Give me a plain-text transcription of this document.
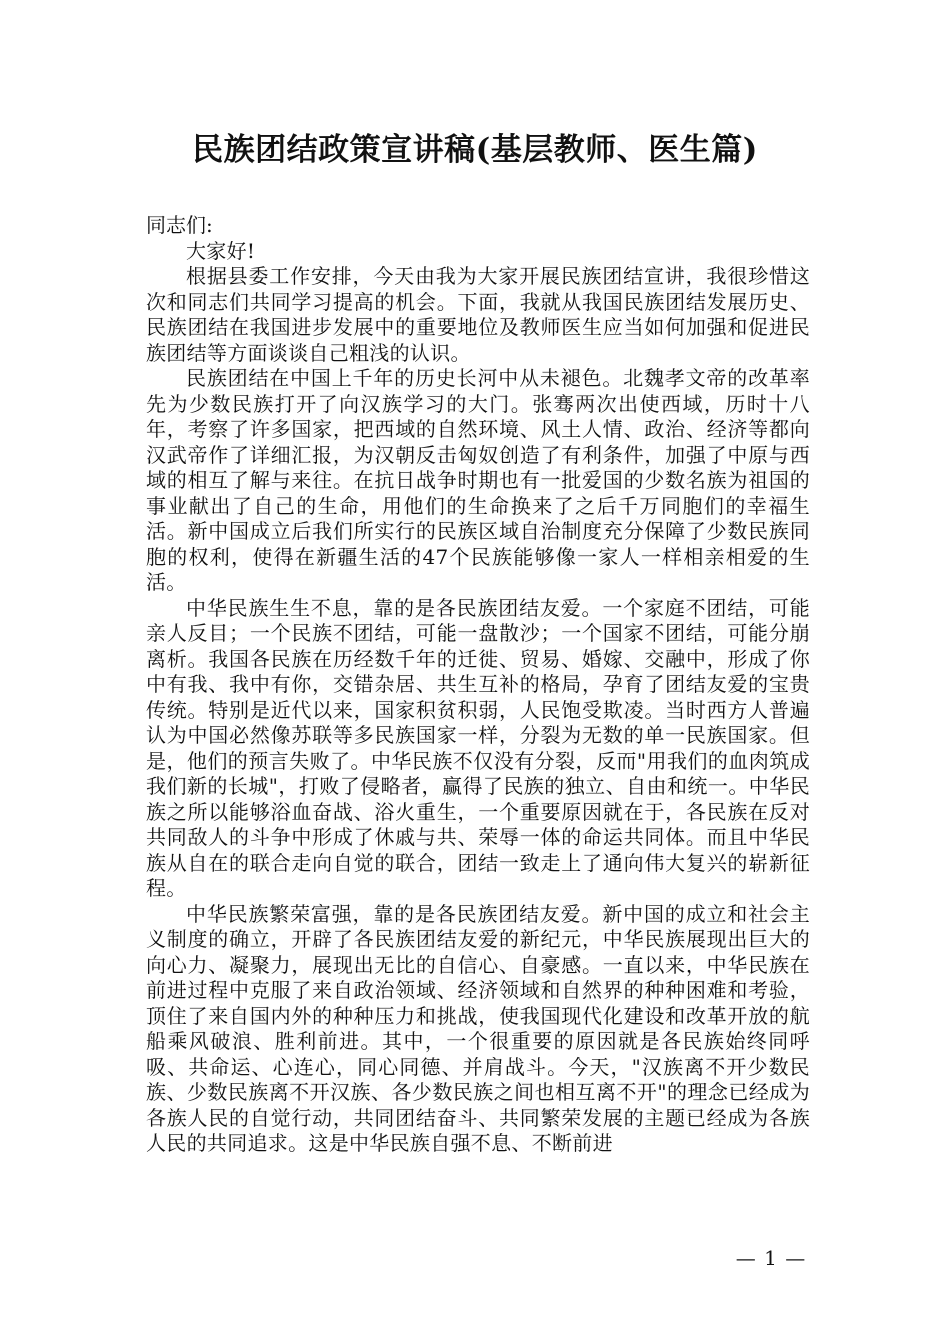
民族团结政策宣讲稿(基层教师、医生篇)

同志们:

大家好!

根据县委工作安排，今天由我为大家开展民族团结宣讲，我很珍惜这次和同志们共同学习提高的机会。下面，我就从我国民族团结发展历史、民族团结在我国进步发展中的重要地位及教师医生应当如何加强和促进民族团结等方面谈谈自己粗浅的认识。

民族团结在中国上千年的历史长河中从未褪色。北魏孝文帝的改革率先为少数民族打开了向汉族学习的大门。张骞两次出使西域，历时十八年，考察了许多国家，把西域的自然环境、风土人情、政治、经济等都向汉武帝作了详细汇报，为汉朝反击匈奴创造了有利条件，加强了中原与西域的相互了解与来往。在抗日战争时期也有一批爱国的少数名族为祖国的事业献出了自己的生命，用他们的生命换来了之后千万同胞们的幸福生活。新中国成立后我们所实行的民族区域自治制度充分保障了少数民族同胞的权利，使得在新疆生活的47个民族能够像一家人一样相亲相爱的生活。

中华民族生生不息，靠的是各民族团结友爱。一个家庭不团结，可能亲人反目；一个民族不团结，可能一盘散沙；一个国家不团结，可能分崩离析。我国各民族在历经数千年的迁徙、贸易、婚嫁、交融中，形成了你中有我、我中有你，交错杂居、共生互补的格局，孕育了团结友爱的宝贵传统。特别是近代以来，国家积贫积弱，人民饱受欺凌。当时西方人普遍认为中国必然像苏联等多民族国家一样，分裂为无数的单一民族国家。但是，他们的预言失败了。中华民族不仅没有分裂，反而"用我们的血肉筑成我们新的长城"，打败了侵略者，赢得了民族的独立、自由和统一。中华民族之所以能够浴血奋战、浴火重生，一个重要原因就在于，各民族在反对共同敌人的斗争中形成了休戚与共、荣辱一体的命运共同体。而且中华民族从自在的联合走向自觉的联合，团结一致走上了通向伟大复兴的崭新征程。

中华民族繁荣富强，靠的是各民族团结友爱。新中国的成立和社会主义制度的确立，开辟了各民族团结友爱的新纪元，中华民族展现出巨大的向心力、凝聚力，展现出无比的自信心、自豪感。一直以来，中华民族在前进过程中克服了来自政治领域、经济领域和自然界的种种困难和考验，顶住了来自国内外的种种压力和挑战，使我国现代化建设和改革开放的航船乘风破浪、胜利前进。其中，一个很重要的原因就是各民族始终同呼吸、共命运、心连心，同心同德、并肩战斗。今天，"汉族离不开少数民族、少数民族离不开汉族、各少数民族之间也相互离不开"的理念已经成为各族人民的自觉行动，共同团结奋斗、共同繁荣发展的主题已经成为各族人民的共同追求。这是中华民族自强不息、不断前进

— 1 —
